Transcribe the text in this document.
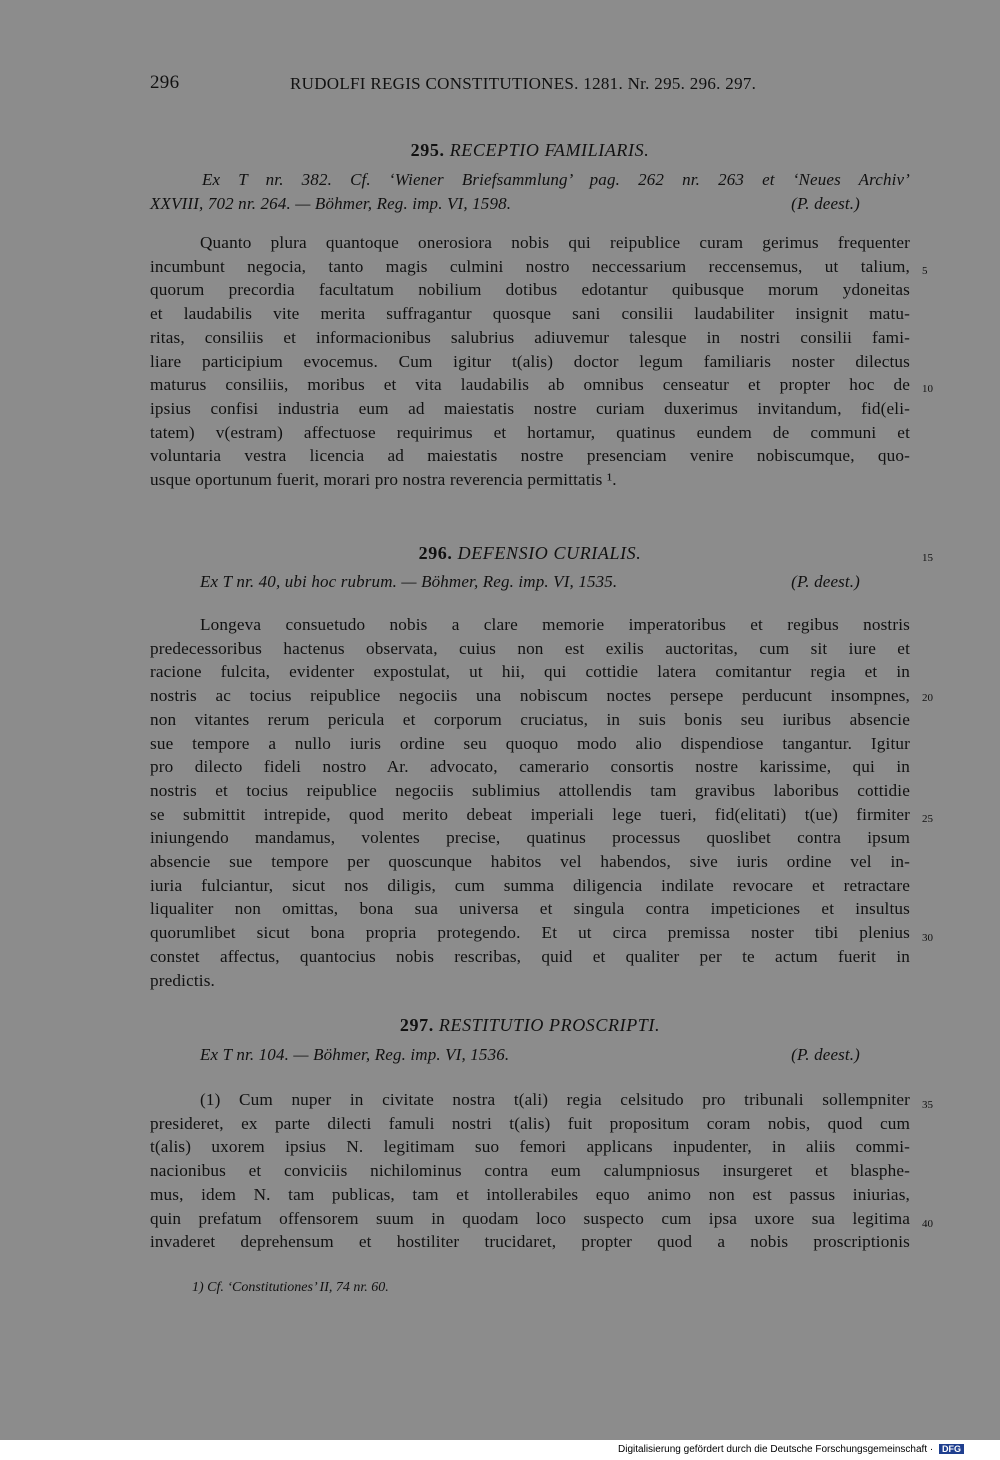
296	RUDOLFI REGIS CONSTITUTIONES. 1281. Nr. 295. 296. 297.
295. RECEPTIO FAMILIARIS.
Ex T nr. 382. Cf. ‘Wiener Briefsammlung’ pag. 262 nr. 263 et ‘Neues Archiv’
XXVIII, 702 nr. 264. — Böhmer, Reg. imp. VI, 1598.	(P. deest.)

Quanto plura quantoque onerosiora nobis qui reipublice curam gerimus frequenter

incumbunt negocia, tanto magis culmini nostro neccessarium reccensemus, ut talium,

quorum precordia facultatum nobilium dotibus edotantur quibusque morum ydoneitas

et laudabilis vite merita suffragantur quosque sani consilii laudabiliter insignit matu-

ritas, consiliis et informacionibus salubrius adiuvemur talesque in nostri consilii fami-

liare participium evocemus. Cum igitur t(alis) doctor legum familiaris noster dilectus

maturus consiliis, moribus et vita laudabilis ab omnibus censeatur et propter hoc de

ipsius confisi industria eum ad maiestatis nostre curiam duxerimus invitandum, fid(eli-

tatem) v(estram) affectuose requirimus et hortamur, quatinus eundem de communi et

voluntaria vestra licencia ad maiestatis nostre presenciam venire nobiscumque, quo-

usque oportunum fuerit, morari pro nostra reverencia permittatis ¹.

296. DEFENSIO CURIALIS.
Ex T nr. 40, ubi hoc rubrum. — Böhmer, Reg. imp. VI, 1535.	(P. deest.)

Longeva consuetudo nobis a clare memorie imperatoribus et regibus nostris

predecessoribus hactenus observata, cuius non est exilis auctoritas, cum sit iure et

racione fulcita, evidenter expostulat, ut hii, qui cottidie latera comitantur regia et in

nostris ac tocius reipublice negociis una nobiscum noctes persepe perducunt insompnes,

non vitantes rerum pericula et corporum cruciatus, in suis bonis seu iuribus absencie

sue tempore a nullo iuris ordine seu quoquo modo alio dispendiose tangantur. Igitur

pro dilecto fideli nostro Ar. advocato, camerario consortis nostre karissime, qui in

nostris et tocius reipublice negociis sublimius attollendis tam gravibus laboribus cottidie

se submittit intrepide, quod merito debeat imperiali lege tueri, fid(elitati) t(ue) firmiter

iniungendo mandamus, volentes precise, quatinus processus quoslibet contra ipsum

absencie sue tempore per quoscunque habitos vel habendos, sive iuris ordine vel in-

iuria fulciantur, sicut nos diligis, cum summa diligencia indilate revocare et retractare

liqualiter non omittas, bona sua universa et singula contra impeticiones et insultus

quorumlibet sicut bona propria protegendo. Et ut circa premissa noster tibi plenius

constet affectus, quantocius nobis rescribas, quid et qualiter per te actum fuerit in

predictis.

297. RESTITUTIO PROSCRIPTI.
Ex T nr. 104. — Böhmer, Reg. imp. VI, 1536.	(P. deest.)

(1) Cum nuper in civitate nostra t(ali) regia celsitudo pro tribunali sollempniter

presideret, ex parte dilecti famuli nostri t(alis) fuit propositum coram nobis, quod cum

t(alis) uxorem ipsius N. legitimam suo femori applicans inpudenter, in aliis commi-

nacionibus et conviciis nichilominus contra eum calumpniosus insurgeret et blasphe-

mus, idem N. tam publicas, tam et intollerabiles equo animo non est passus iniurias,

quin prefatum offensorem suum in quodam loco suspecto cum ipsa uxore sua legitima

invaderet deprehensum et hostiliter trucidaret, propter quod a nobis proscriptionis

5
10
15
20
25
30
35
40
1) Cf. ‘Constitutiones’ II, 74 nr. 60.
Digitalisierung gefördert durch die Deutsche Forschungsgemeinschaft · DFG
